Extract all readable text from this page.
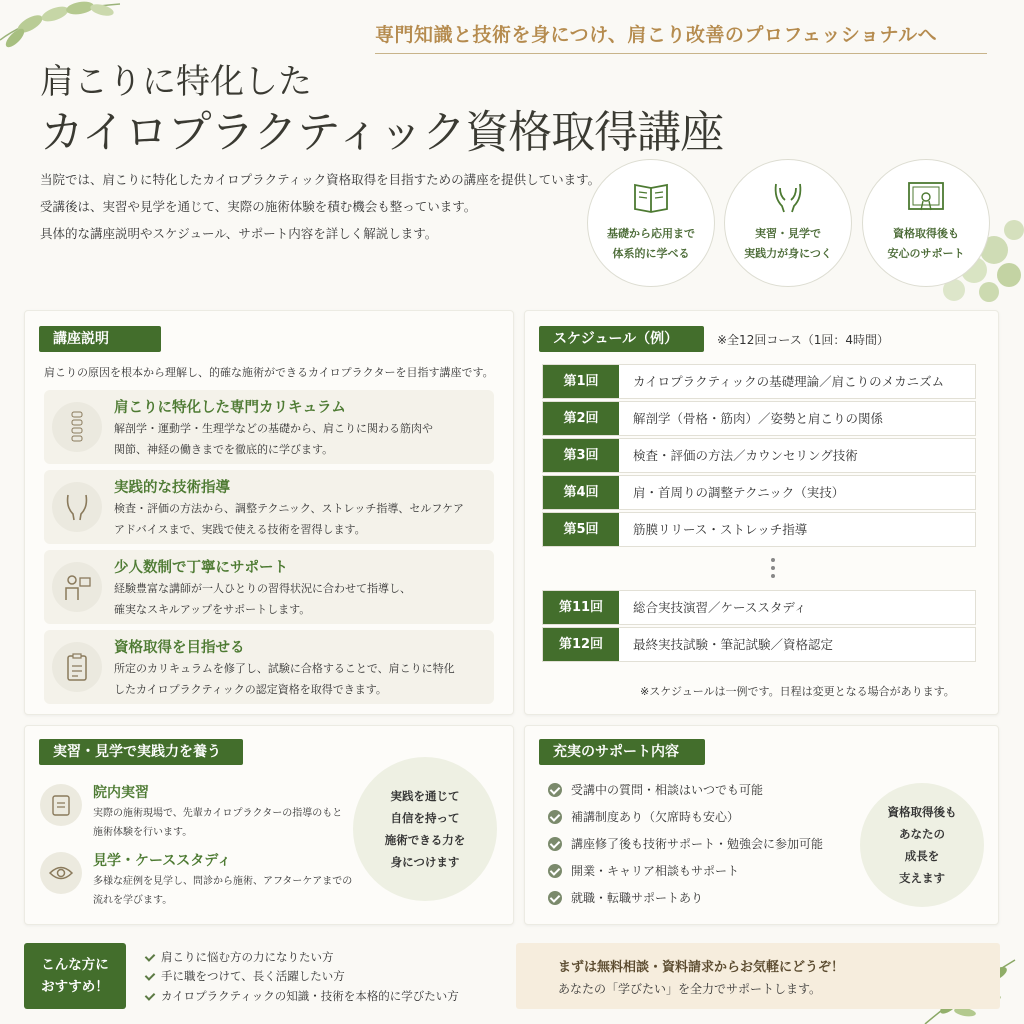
専門知識と技術を身につけ、肩こり改善のプロフェッショナルへ
肩こりに特化した
カイロプラクティック資格取得講座
当院では、肩こりに特化したカイロプラクティック資格取得を目指すための講座を提供しています。
受講後は、実習や見学を通じて、実際の施術体験を積む機会も整っています。
具体的な講座説明やスケジュール、サポート内容を詳しく解説します。	基礎から応用まで
体系的に学べる
実習・見学で
実践力が身につく
資格取得後も
安心のサポート
講座説明
肩こりの原因を根本から理解し、的確な施術ができるカイロプラクターを目指す講座です。
肩こりに特化した専門カリキュラム
解剖学・運動学・生理学などの基礎から、肩こりに関わる筋肉や
関節、神経の働きまでを徹底的に学びます。
実践的な技術指導
検査・評価の方法から、調整テクニック、ストレッチ指導、セルフケア
アドバイスまで、実践で使える技術を習得します。
少人数制で丁寧にサポート
経験豊富な講師が一人ひとりの習得状況に合わせて指導し、
確実なスキルアップをサポートします。
資格取得を目指せる
所定のカリキュラムを修了し、試験に合格することで、肩こりに特化
したカイロプラクティックの認定資格を取得できます。
スケジュール（例）	※全12回コース（1回：4時間）
第1回	カイロプラクティックの基礎理論／肩こりのメカニズム
第2回	解剖学（骨格・筋肉）／姿勢と肩こりの関係
第3回	検査・評価の方法／カウンセリング技術
第4回	肩・首周りの調整テクニック（実技）
第5回	筋膜リリース・ストレッチ指導
第11回	総合実技演習／ケーススタディ
第12回	最終実技試験・筆記試験／資格認定
※スケジュールは一例です。日程は変更となる場合があります。
実習・見学で実践力を養う
院内実習
実際の施術現場で、先輩カイロプラクターの指導のもと
施術体験を行います。
見学・ケーススタディ
多様な症例を見学し、問診から施術、アフターケアまでの
流れを学びます。
実践を通じて
自信を持って
施術できる力を
身につけます
充実のサポート内容
受講中の質問・相談はいつでも可能
補講制度あり（欠席時も安心）
講座修了後も技術サポート・勉強会に参加可能
開業・キャリア相談もサポート
就職・転職サポートあり
資格取得後も
あなたの
成長を
支えます
こんな方に
おすすめ！
肩こりに悩む方の力になりたい方
手に職をつけて、長く活躍したい方
カイロプラクティックの知識・技術を本格的に学びたい方
まずは無料相談・資料請求からお気軽にどうぞ！
あなたの「学びたい」を全力でサポートします。
